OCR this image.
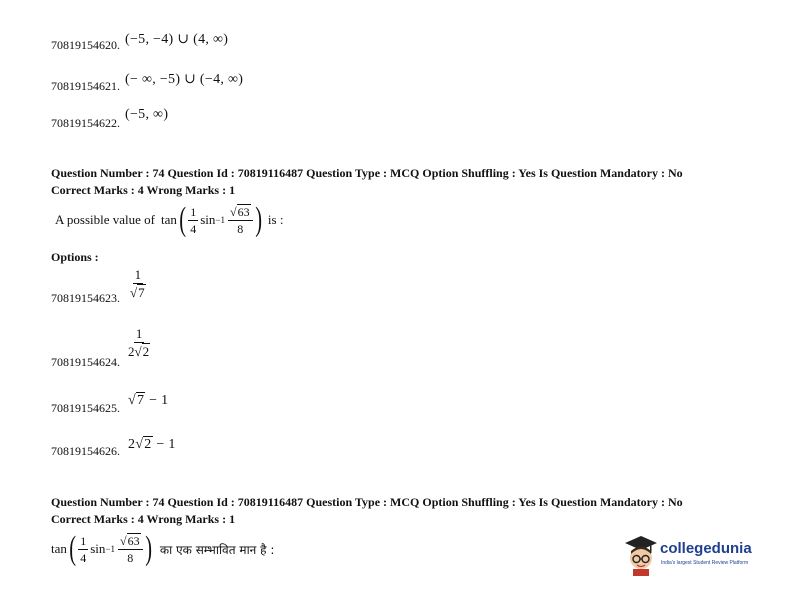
70819154620. (−5, −4) ∪ (4, ∞)
70819154621. (− ∞, −5) ∪ (−4, ∞)
70819154622.
(−5, ∞)
Question Number : 74 Question Id : 70819116487 Question Type : MCQ Option Shuffling : Yes Is Question Mandatory : No
Correct Marks : 4 Wrong Marks : 1
A possible value of tan ( $\frac{1}{4}$ $\sin -1 \frac{√63}{8}$ ) is :
Options :
70819154623. $\frac{1}{√7}$
70819154624.
$\frac{1}{2√2}$
70819154625. √7 − 1
70819154626. 2√2 − 1
Question Number : 74 Question Id : 70819116487 Question Type : MCQ Option Shuffling : Yes Is Question Mandatory : No
Correct Marks : 4 Wrong Marks : 1
tan ( $\frac{1}{4}$ $\sin -1 \frac{√63}{8}$ ) का एक सम्भावित मान है :	collegedunia
India's largest Student Review Platform
